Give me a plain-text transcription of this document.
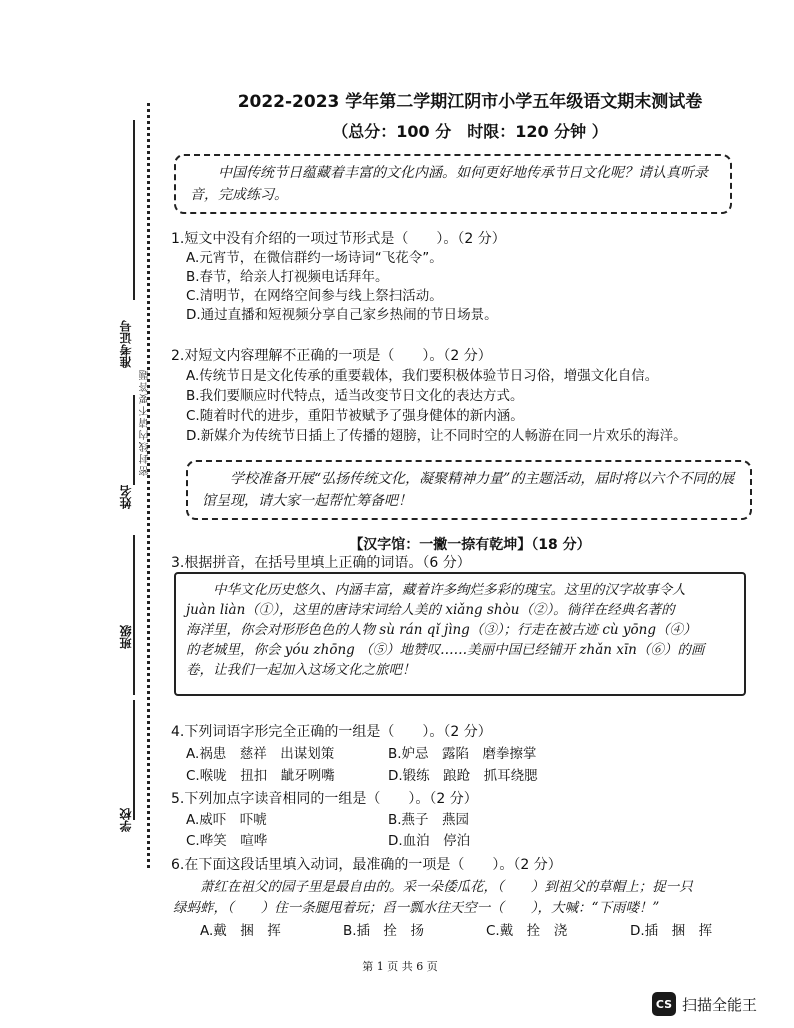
准考证号
姓名
班级
学校
密封线内请不要答题
2022-2023 学年第二学期江阴市小学五年级语文期末测试卷
（总分：100 分　时限：120 分钟 ）
中国传统节日蕴藏着丰富的文化内涵。如何更好地传承节日文化呢？请认真听录音，完成练习。
1.短文中没有介绍的一项过节形式是（　　）。（2 分）
A.元宵节，在微信群约一场诗词“飞花令”。
B.春节，给亲人打视频电话拜年。
C.清明节，在网络空间参与线上祭扫活动。
D.通过直播和短视频分享自己家乡热闹的节日场景。
2.对短文内容理解不正确的一项是（　　）。（2 分）
A.传统节日是文化传承的重要载体，我们要积极体验节日习俗，增强文化自信。
B.我们要顺应时代特点，适当改变节日文化的表达方式。
C.随着时代的进步，重阳节被赋予了强身健体的新内涵。
D.新媒介为传统节日插上了传播的翅膀，让不同时空的人畅游在同一片欢乐的海洋。
学校准备开展“弘扬传统文化，凝聚精神力量”的主题活动，届时将以六个不同的展馆呈现，请大家一起帮忙筹备吧！
【汉字馆：一撇一捺有乾坤】（18 分）
3.根据拼音，在括号里填上正确的词语。（6 分）
中华文化历史悠久、内涵丰富，藏着许多绚烂多彩的瑰宝。这里的汉字故事令人
juàn liàn（①），这里的唐诗宋词给人美的 xiǎng shòu（②）。徜徉在经典名著的
海洋里，你会对形形色色的人物 sù rán qǐ jìng（③）；行走在被古迹 cù yōng（④）
的老城里，你会 yóu zhōng （⑤）地赞叹……美丽中国已经铺开 zhǎn xīn（⑥）的画
卷，让我们一起加入这场文化之旅吧！
4.下列词语字形完全正确的一组是（　　）。（2 分）
A.祸患　慈祥　出谋划策	B.妒忌　露陷　磨拳擦掌
C.喉咙　扭扣　龇牙咧嘴	D.锻练　踉跄　抓耳绕腮
5.下列加点字读音相同的一组是（　　）。（2 分）
A.威吓　吓唬	B.燕子　燕园
C.哗笑　喧哗	D.血泊　停泊
6.在下面这段话里填入动词，最准确的一项是（　　）。（2 分）
萧红在祖父的园子里是最自由的。采一朵倭瓜花，（　　）到祖父的草帽上；捉一只
绿蚂蚱，（　　）住一条腿甩着玩；舀一瓢水往天空一（　　），大喊：“下雨喽！”
A.戴　捆　挥	B.插　拴　扬	C.戴　拴　浇	D.插　捆　挥
第 1 页 共 6 页
CS 扫描全能王
